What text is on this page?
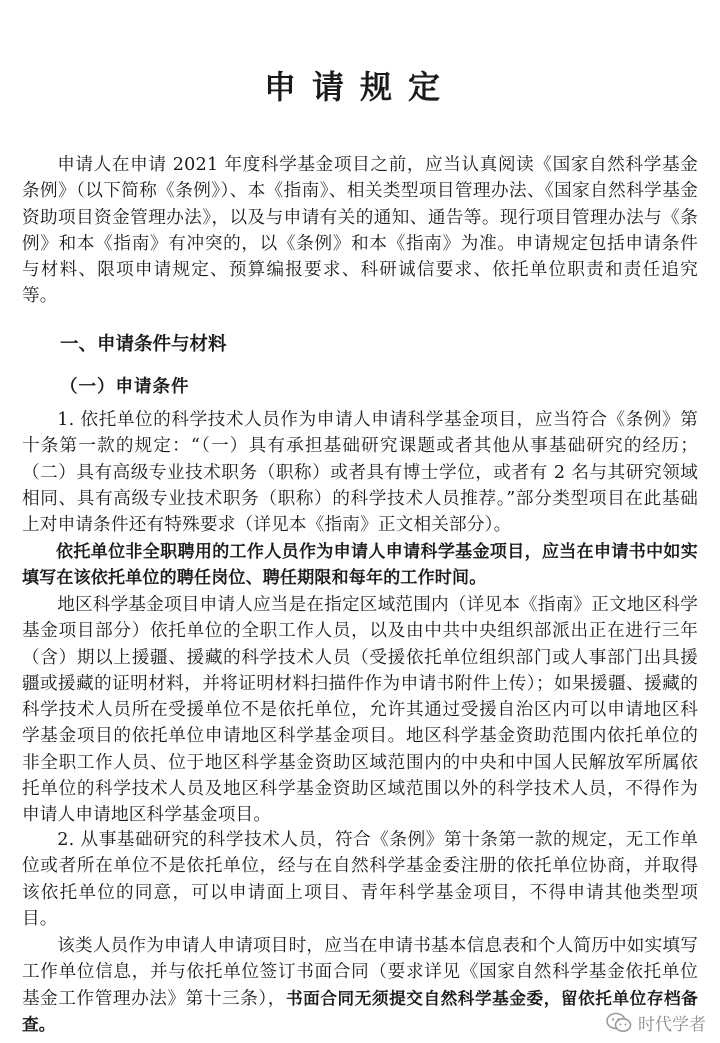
申请规定

申请人在申请 2021 年度科学基金项目之前，应当认真阅读《国家自然科学基金条例》（以下简称《条例》）、本《指南》、相关类型项目管理办法、《国家自然科学基金资助项目资金管理办法》，以及与申请有关的通知、通告等。现行项目管理办法与《条例》和本《指南》有冲突的，以《条例》和本《指南》为准。申请规定包括申请条件与材料、限项申请规定、预算编报要求、科研诚信要求、依托单位职责和责任追究等。

一、申请条件与材料
（一）申请条件

1. 依托单位的科学技术人员作为申请人申请科学基金项目，应当符合《条例》第十条第一款的规定：“（一）具有承担基础研究课题或者其他从事基础研究的经历；（二）具有高级专业技术职务（职称）或者具有博士学位，或者有 2 名与其研究领域相同、具有高级专业技术职务（职称）的科学技术人员推荐。”部分类型项目在此基础上对申请条件还有特殊要求（详见本《指南》正文相关部分）。

依托单位非全职聘用的工作人员作为申请人申请科学基金项目，应当在申请书中如实填写在该依托单位的聘任岗位、聘任期限和每年的工作时间。

地区科学基金项目申请人应当是在指定区域范围内（详见本《指南》正文地区科学基金项目部分）依托单位的全职工作人员，以及由中共中央组织部派出正在进行三年（含）期以上援疆、援藏的科学技术人员（受援依托单位组织部门或人事部门出具援疆或援藏的证明材料，并将证明材料扫描件作为申请书附件上传）；如果援疆、援藏的科学技术人员所在受援单位不是依托单位，允许其通过受援自治区内可以申请地区科学基金项目的依托单位申请地区科学基金项目。地区科学基金资助范围内依托单位的非全职工作人员、位于地区科学基金资助区域范围内的中央和中国人民解放军所属依托单位的科学技术人员及地区科学基金资助区域范围以外的科学技术人员，不得作为申请人申请地区科学基金项目。

2. 从事基础研究的科学技术人员，符合《条例》第十条第一款的规定，无工作单位或者所在单位不是依托单位，经与在自然科学基金委注册的依托单位协商，并取得该依托单位的同意，可以申请面上项目、青年科学基金项目，不得申请其他类型项目。

该类人员作为申请人申请项目时，应当在申请书基本信息表和个人简历中如实填写工作单位信息，并与依托单位签订书面合同（要求详见《国家自然科学基金依托单位基金工作管理办法》第十三条），书面合同无须提交自然科学基金委，留依托单位存档备查。	时代学者
